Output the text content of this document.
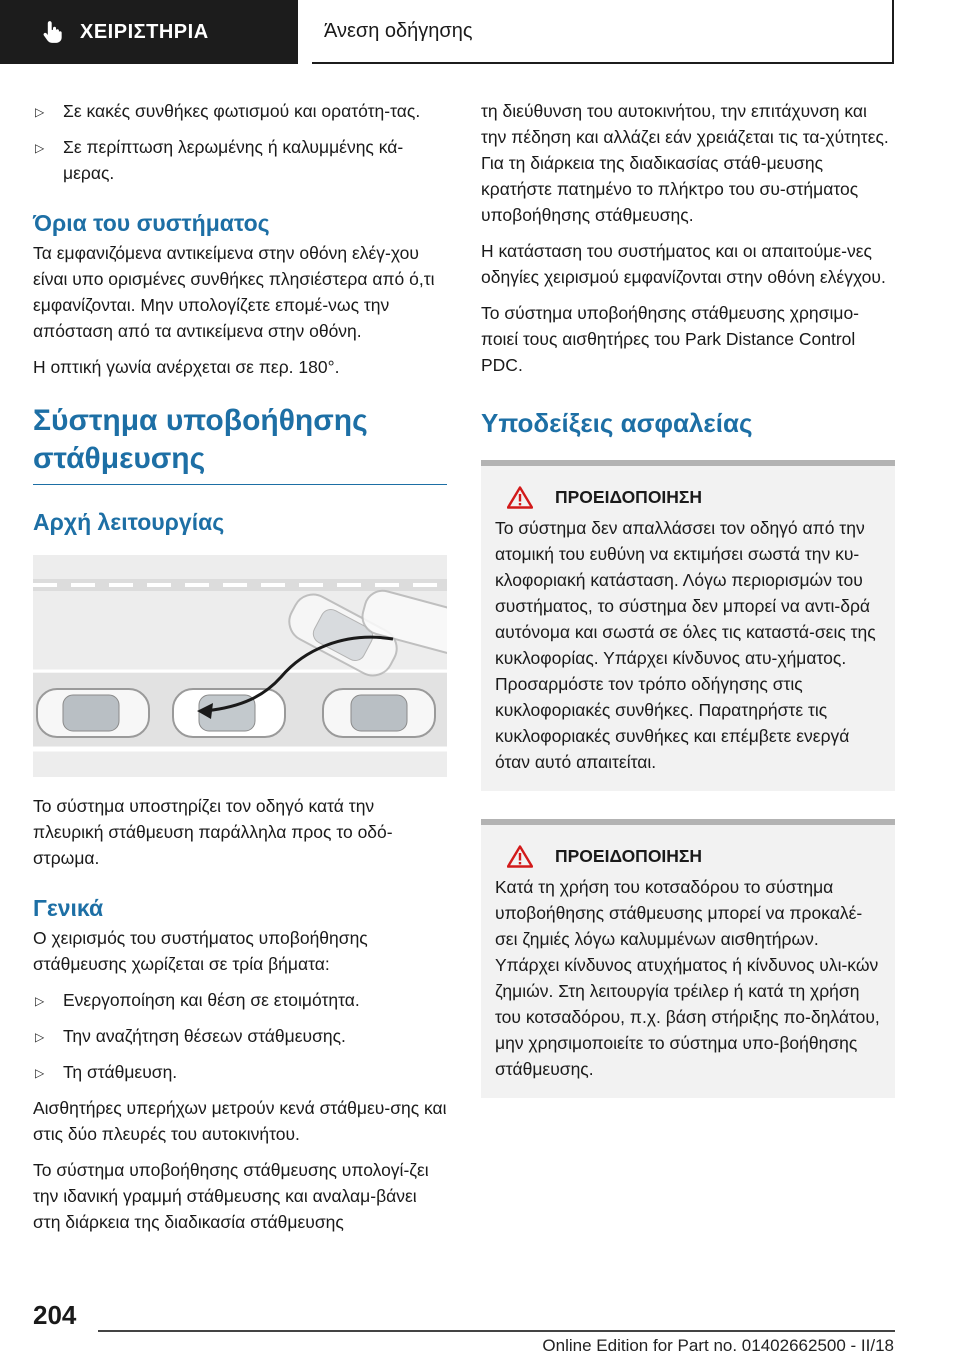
ΧΕΙΡΙΣΤΗΡΙΑ	Άνεση οδήγησης
▷ Σε κακές συνθήκες φωτισμού και ορατότη-τας.
▷ Σε περίπτωση λερωμένης ή καλυμμένης κά-μερας.
Όρια του συστήματος

Τα εμφανιζόμενα αντικείμενα στην οθόνη ελέγ-χου είναι υπο ορισμένες συνθήκες πλησιέστερα από ό,τι εμφανίζονται. Μην υπολογίζετε επομέ-νως την απόσταση από τα αντικείμενα στην οθόνη.

Η οπτική γωνία ανέρχεται σε περ. 180°.

Σύστημα υποβοήθησης στάθμευσης
Αρχή λειτουργίας

Το σύστημα υποστηρίζει τον οδηγό κατά την πλευρική στάθμευση παράλληλα προς το οδό-στρωμα.

Γενικά

Ο χειρισμός του συστήματος υποβοήθησης στάθμευσης χωρίζεται σε τρία βήματα:

▷ Ενεργοποίηση και θέση σε ετοιμότητα.
▷ Την αναζήτηση θέσεων στάθμευσης.
▷ Τη στάθμευση.

Αισθητήρες υπερήχων μετρούν κενά στάθμευ-σης και στις δύο πλευρές του αυτοκινήτου.

Το σύστημα υποβοήθησης στάθμευσης υπολογί-ζει την ιδανική γραμμή στάθμευσης και αναλαμ-βάνει στη διάρκεια της διαδικασία στάθμευσης

τη διεύθυνση του αυτοκινήτου, την επιτάχυνση και την πέδηση και αλλάζει εάν χρειάζεται τις τα-χύτητες. Για τη διάρκεια της διαδικασίας στάθ-μευσης κρατήστε πατημένο το πλήκτρο του συ-στήματος υποβοήθησης στάθμευσης.

Η κατάσταση του συστήματος και οι απαιτούμε-νες οδηγίες χειρισμού εμφανίζονται στην οθόνη ελέγχου.

Το σύστημα υποβοήθησης στάθμευσης χρησιμο-ποιεί τους αισθητήρες του Park Distance Control PDC.

Υποδείξεις ασφαλείας
ΠΡΟΕΙΔΟΠΟΙΗΣΗ

Το σύστημα δεν απαλλάσσει τον οδηγό από την ατομική του ευθύνη να εκτιμήσει σωστά την κυ-κλοφοριακή κατάσταση. Λόγω περιορισμών του συστήματος, το σύστημα δεν μπορεί να αντι-δρά αυτόνομα και σωστά σε όλες τις καταστά-σεις της κυκλοφορίας. Υπάρχει κίνδυνος ατυ-χήματος. Προσαρμόστε τον τρόπο οδήγησης στις κυκλοφοριακές συνθήκες. Παρατηρήστε τις κυκλοφοριακές συνθήκες και επέμβετε ενεργά όταν αυτό απαιτείται.

ΠΡΟΕΙΔΟΠΟΙΗΣΗ

Κατά τη χρήση του κοτσαδόρου το σύστημα υποβοήθησης στάθμευσης μπορεί να προκαλέ-σει ζημιές λόγω καλυμμένων αισθητήρων. Υπάρχει κίνδυνος ατυχήματος ή κίνδυνος υλι-κών ζημιών. Στη λειτουργία τρέιλερ ή κατά τη χρήση του κοτσαδόρου, π.χ. βάση στήριξης πο-δηλάτου, μην χρησιμοποιείτε το σύστημα υπο-βοήθησης στάθμευσης.

204
Online Edition for Part no. 01402662500 - II/18
